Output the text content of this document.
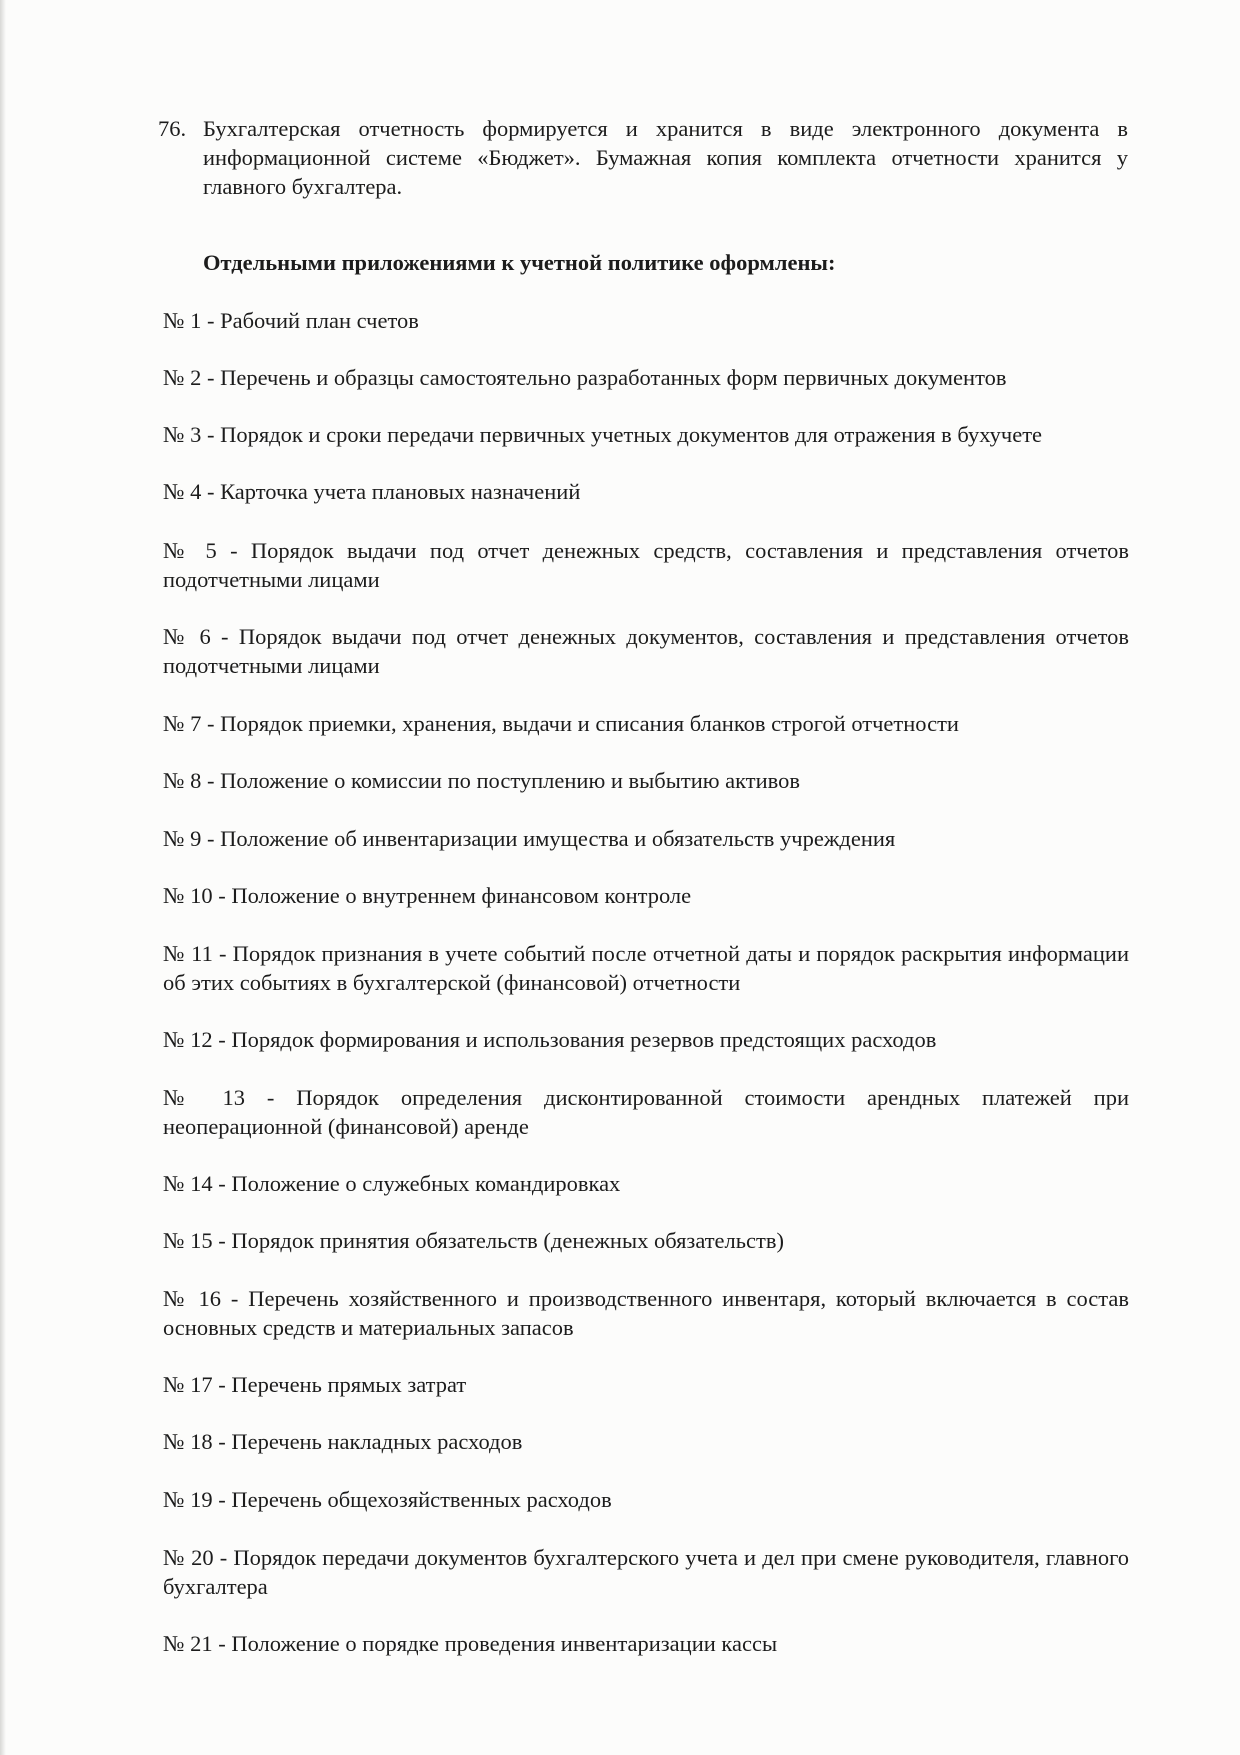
76. Бухгалтерская отчетность формируется и хранится в виде электронного документа в информационной системе «Бюджет». Бумажная копия комплекта отчетности хранится у главного бухгалтера.
Отдельными приложениями к учетной политике оформлены:
№ 1 - Рабочий план счетов
№ 2 - Перечень и образцы самостоятельно разработанных форм первичных документов
№ 3 - Порядок и сроки передачи первичных учетных документов для отражения в бухучете
№ 4 - Карточка учета плановых назначений
№ 5 - Порядок выдачи под отчет денежных средств, составления и представления отчетов подотчетными лицами
№ 6 - Порядок выдачи под отчет денежных документов, составления и представления отчетов подотчетными лицами
№ 7 - Порядок приемки, хранения, выдачи и списания бланков строгой отчетности
№ 8 - Положение о комиссии по поступлению и выбытию активов
№ 9 - Положение об инвентаризации имущества и обязательств учреждения
№ 10 - Положение о внутреннем финансовом контроле
№ 11 - Порядок признания в учете событий после отчетной даты и порядок раскрытия информации об этих событиях в бухгалтерской (финансовой) отчетности
№ 12 - Порядок формирования и использования резервов предстоящих расходов
№ 13 - Порядок определения дисконтированной стоимости арендных платежей при неоперационной (финансовой) аренде
№ 14 - Положение о служебных командировках
№ 15 - Порядок принятия обязательств (денежных обязательств)
№ 16 - Перечень хозяйственного и производственного инвентаря, который включается в состав основных средств и материальных запасов
№ 17 - Перечень прямых затрат
№ 18 - Перечень накладных расходов
№ 19 - Перечень общехозяйственных расходов
№ 20 - Порядок передачи документов бухгалтерского учета и дел при смене руководителя, главного бухгалтера
№ 21 - Положение о порядке проведения инвентаризации кассы
